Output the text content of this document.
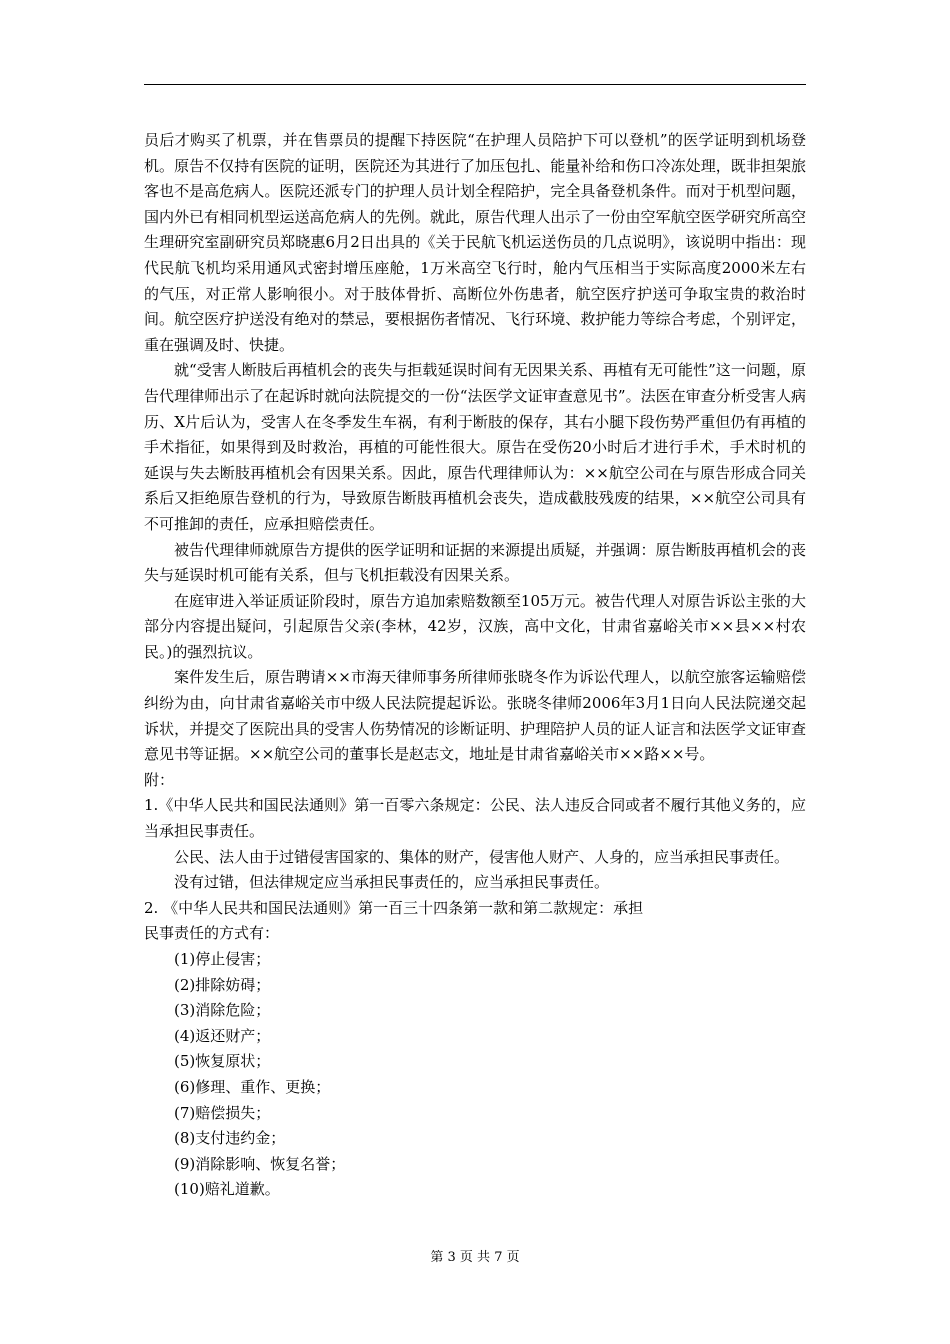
员后才购买了机票，并在售票员的提醒下持医院“在护理人员陪护下可以登机”的医学证明到机场登机。原告不仅持有医院的证明，医院还为其进行了加压包扎、能量补给和伤口冷冻处理，既非担架旅客也不是高危病人。医院还派专门的护理人员计划全程陪护，完全具备登机条件。而对于机型问题，国内外已有相同机型运送高危病人的先例。就此，原告代理人出示了一份由空军航空医学研究所高空生理研究室副研究员郑晓惠6月2日出具的《关于民航飞机运送伤员的几点说明》，该说明中指出：现代民航飞机均采用通风式密封增压座舱，1万米高空飞行时，舱内气压相当于实际高度2000米左右的气压，对正常人影响很小。对于肢体骨折、高断位外伤患者，航空医疗护送可争取宝贵的救治时间。航空医疗护送没有绝对的禁忌，要根据伤者情况、飞行环境、救护能力等综合考虑，个别评定，重在强调及时、快捷。

就“受害人断肢后再植机会的丧失与拒载延误时间有无因果关系、再植有无可能性”这一问题，原告代理律师出示了在起诉时就向法院提交的一份“法医学文证审查意见书”。法医在审查分析受害人病历、X片后认为，受害人在冬季发生车祸，有利于断肢的保存，其右小腿下段伤势严重但仍有再植的手术指征，如果得到及时救治，再植的可能性很大。原告在受伤20小时后才进行手术，手术时机的延误与失去断肢再植机会有因果关系。因此，原告代理律师认为：××航空公司在与原告形成合同关系后又拒绝原告登机的行为，导致原告断肢再植机会丧失，造成截肢残废的结果，××航空公司具有不可推卸的责任，应承担赔偿责任。

被告代理律师就原告方提供的医学证明和证据的来源提出质疑，并强调：原告断肢再植机会的丧失与延误时机可能有关系，但与飞机拒载没有因果关系。

在庭审进入举证质证阶段时，原告方追加索赔数额至105万元。被告代理人对原告诉讼主张的大部分内容提出疑问，引起原告父亲(李林，42岁，汉族，高中文化，甘肃省嘉峪关市××县××村农民。)的强烈抗议。

案件发生后，原告聘请××市海天律师事务所律师张晓冬作为诉讼代理人，以航空旅客运输赔偿纠纷为由，向甘肃省嘉峪关市中级人民法院提起诉讼。张晓冬律师2006年3月1日向人民法院递交起诉状，并提交了医院出具的受害人伤势情况的诊断证明、护理陪护人员的证人证言和法医学文证审查意见书等证据。××航空公司的董事长是赵志文，地址是甘肃省嘉峪关市××路××号。

附：

1.《中华人民共和国民法通则》第一百零六条规定：公民、法人违反合同或者不履行其他义务的，应当承担民事责任。

公民、法人由于过错侵害国家的、集体的财产，侵害他人财产、人身的，应当承担民事责任。

没有过错，但法律规定应当承担民事责任的，应当承担民事责任。

2. 《中华人民共和国民法通则》第一百三十四条第一款和第二款规定：承担

民事责任的方式有：

(1)停止侵害；

(2)排除妨碍；

(3)消除危险；

(4)返还财产；

(5)恢复原状；

(6)修理、重作、更换；

(7)赔偿损失；

(8)支付违约金；

(9)消除影响、恢复名誉；

(10)赔礼道歉。

第 3 页 共 7 页
